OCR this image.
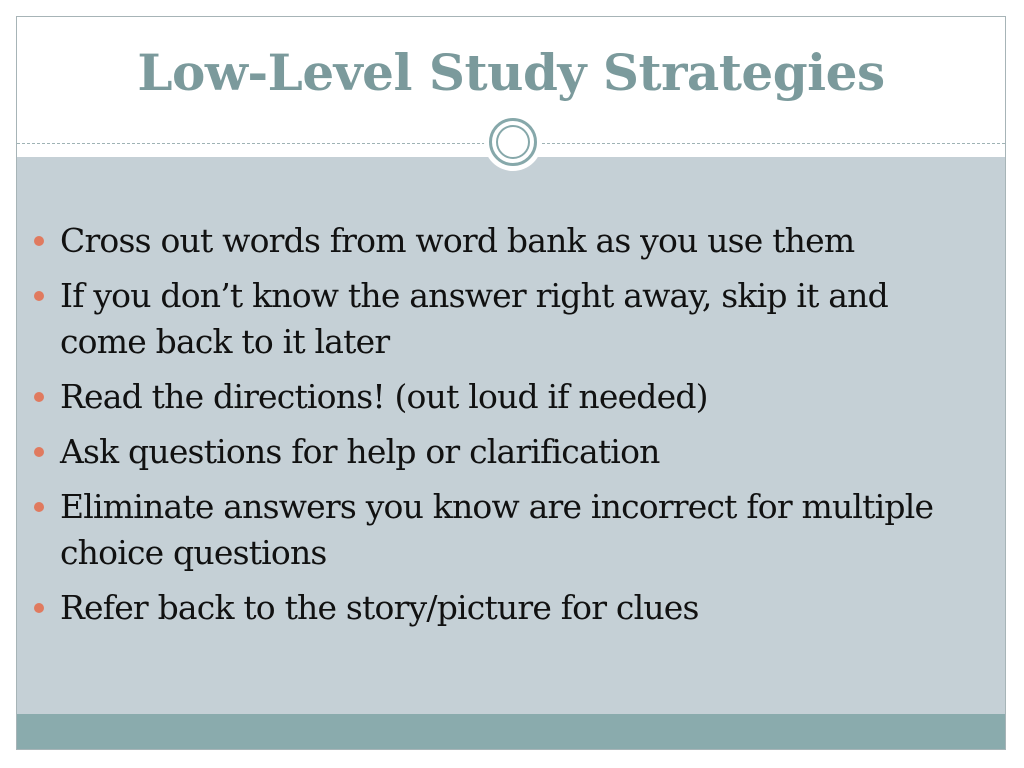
Low-Level Study Strategies
Cross out words from word bank as you use them
If you don’t know the answer right away, skip it and come back to it later
Read the directions! (out loud if needed)
Ask questions for help or clarification
Eliminate answers you know are incorrect for multiple choice questions
Refer back to the story/picture for clues
